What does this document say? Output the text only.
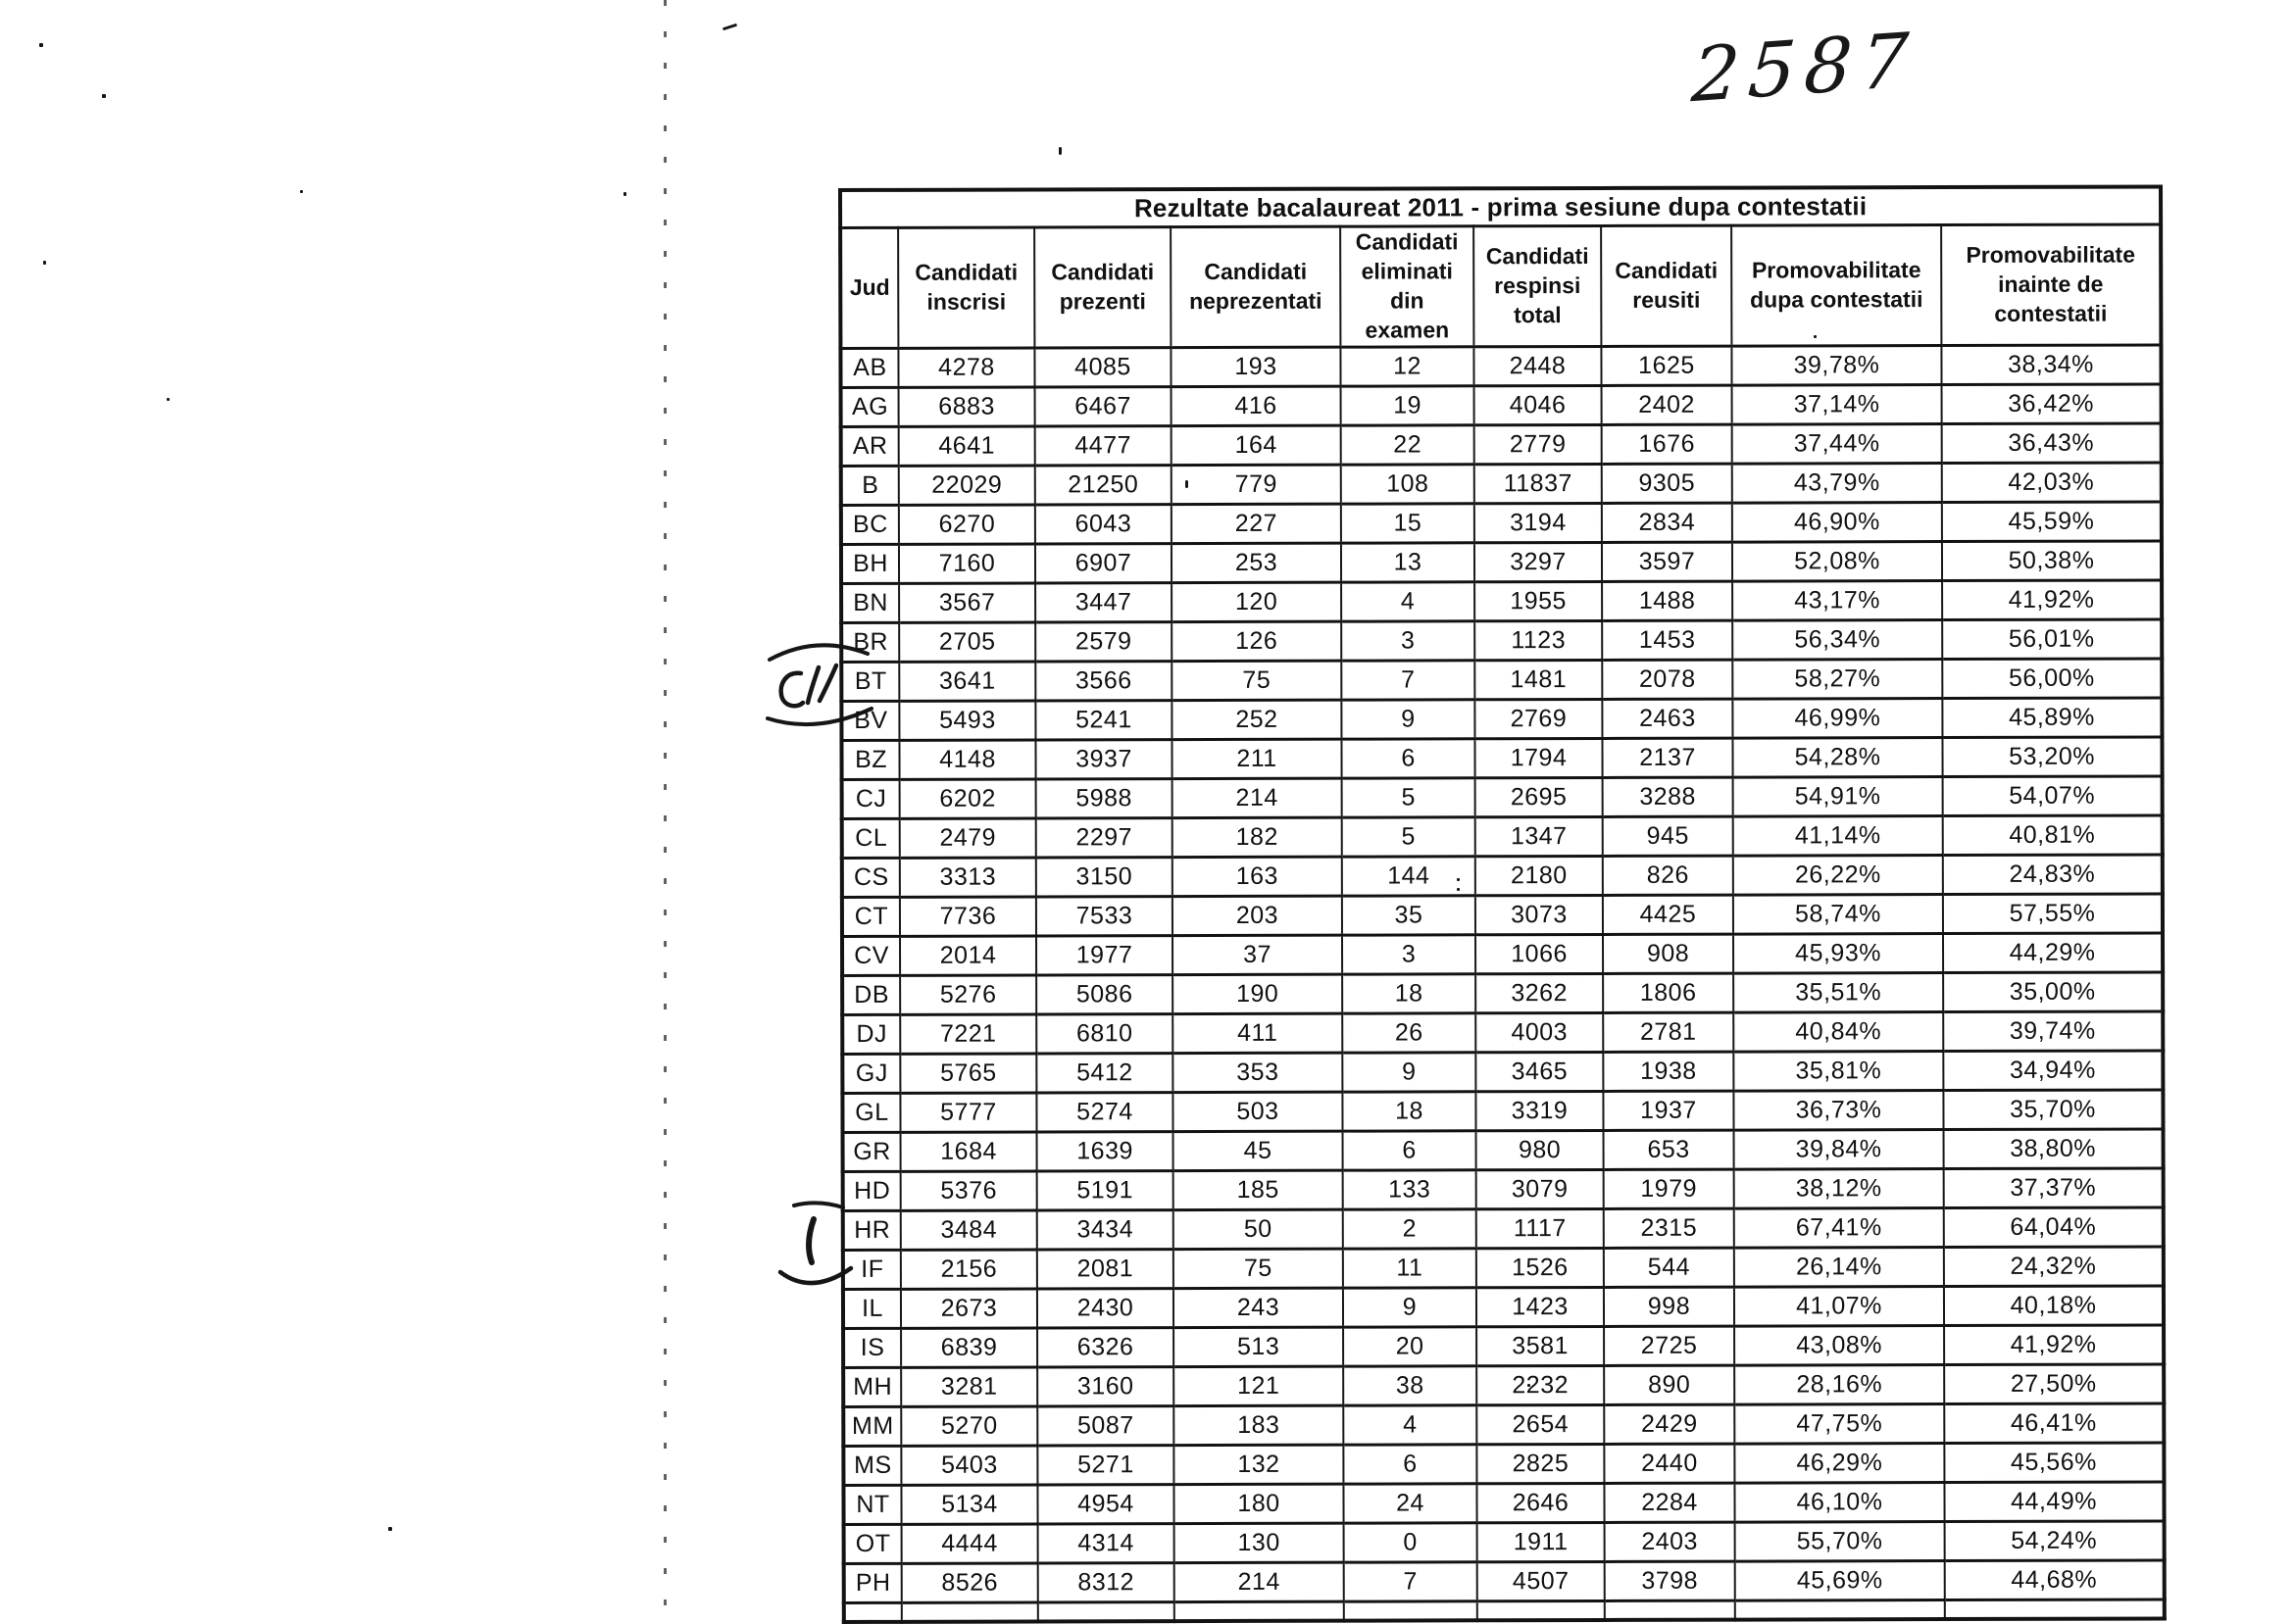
2587
Rezultate bacalaureat 2011 - prima sesiune dupa contestatii								
Jud	Candidati inscrisi	Candidati prezenti	Candidati neprezentati	Candidati eliminati din examen	Candidati respinsi total	Candidati reusiti	Promovabilitate dupa contestatii	Promovabilitate inainte de contestatii
AB	4278	4085	193	12	2448	1625	39,78%	38,34%
AG	6883	6467	416	19	4046	2402	37,14%	36,42%
AR	4641	4477	164	22	2779	1676	37,44%	36,43%
B	22029	21250	779	108	11837	9305	43,79%	42,03%
BC	6270	6043	227	15	3194	2834	46,90%	45,59%
BH	7160	6907	253	13	3297	3597	52,08%	50,38%
BN	3567	3447	120	4	1955	1488	43,17%	41,92%
BR	2705	2579	126	3	1123	1453	56,34%	56,01%
BT	3641	3566	75	7	1481	2078	58,27%	56,00%
BV	5493	5241	252	9	2769	2463	46,99%	45,89%
BZ	4148	3937	211	6	1794	2137	54,28%	53,20%
CJ	6202	5988	214	5	2695	3288	54,91%	54,07%
CL	2479	2297	182	5	1347	945	41,14%	40,81%
CS	3313	3150	163	144	2180	826	26,22%	24,83%
CT	7736	7533	203	35	3073	4425	58,74%	57,55%
CV	2014	1977	37	3	1066	908	45,93%	44,29%
DB	5276	5086	190	18	3262	1806	35,51%	35,00%
DJ	7221	6810	411	26	4003	2781	40,84%	39,74%
GJ	5765	5412	353	9	3465	1938	35,81%	34,94%
GL	5777	5274	503	18	3319	1937	36,73%	35,70%
GR	1684	1639	45	6	980	653	39,84%	38,80%
HD	5376	5191	185	133	3079	1979	38,12%	37,37%
HR	3484	3434	50	2	1117	2315	67,41%	64,04%
IF	2156	2081	75	11	1526	544	26,14%	24,32%
IL	2673	2430	243	9	1423	998	41,07%	40,18%
IS	6839	6326	513	20	3581	2725	43,08%	41,92%
MH	3281	3160	121	38	2232	890	28,16%	27,50%
MM	5270	5087	183	4	2654	2429	47,75%	46,41%
MS	5403	5271	132	6	2825	2440	46,29%	45,56%
NT	5134	4954	180	24	2646	2284	46,10%	44,49%
OT	4444	4314	130	0	1911	2403	55,70%	54,24%
PH	8526	8312	214	7	4507	3798	45,69%	44,68%
